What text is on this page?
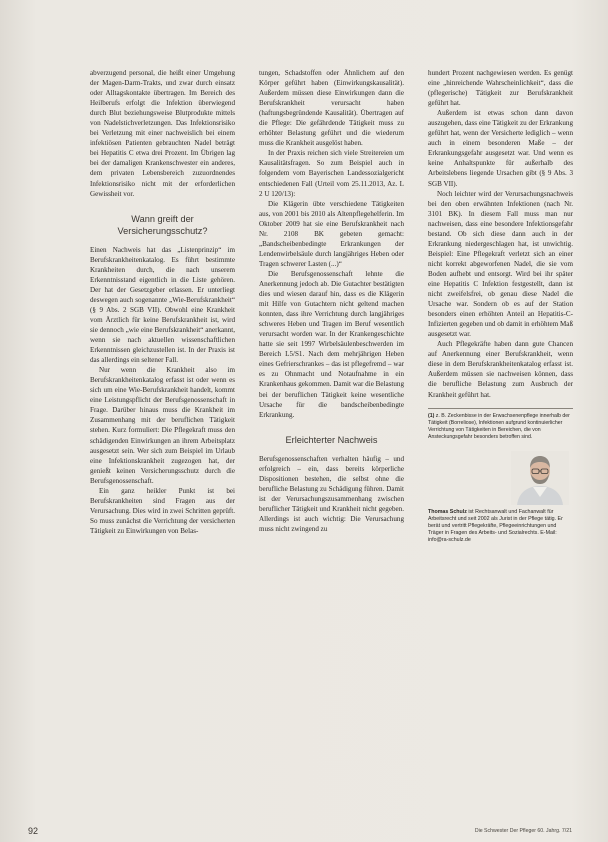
abverzugend personal, die heißt einer Umgehung der Magen-Darm-Trakts, und zwar durch einsatz oder Alltagskontakte übertragen. Im Bereich des Heilberufs erfolgt die Infektion überwiegend durch Blut beziehungsweise Blutprodukte mittels von Nadelstichverletzungen. Das Infektionsrisiko bei Verletzung mit einer nachweislich bei einem infektiösen Patienten gebrauchten Nadel beträgt bei Hepatitis C etwa drei Prozent. Im Übrigen lag bei der damaligen Krankenschwester ein anderes, dem privaten Lebensbereich zuzuordnendes Infektionsrisiko nicht mit der erforderlichen Gewissheit vor.

Wann greift der Versicherungsschutz?

Einen Nachweis hat das „Listenprinzip“ im Berufskrankheitenkatalog. Es führt bestimmte Krankheiten durch, die nach unserem Erkenntnisstand eigentlich in die Liste gehören. Der hat der Gesetzgeber erlassen. Er unterliegt deswegen auch sogenannte „Wie-Berufskrankheit“ (§ 9 Abs. 2 SGB VII). Obwohl eine Krankheit vom Ärztlich für keine Berufskrankheit ist, wird sie dennoch „wie eine Berufskrankheit“ anerkannt, wenn sie nach aktuellen wissenschaftlichen Erkenntnissen gleichzustellen ist. In der Praxis ist das allerdings ein seltener Fall.

Nur wenn die Krankheit also im Berufskrankheitenkatalog erfasst ist oder wenn es sich um eine Wie-Berufskrankheit handelt, kommt eine Leistungspflicht der Berufsgenossenschaft in Frage. Darüber hinaus muss die Krankheit im Zusammenhang mit der beruflichen Tätigkeit stehen. Kurz formuliert: Die Pflegekraft muss den schädigenden Einwirkungen an ihrem Arbeitsplatz ausgesetzt sein. Wer sich zum Beispiel im Urlaub eine Infektionskrankheit zugezogen hat, der genießt keinen Versicherungsschutz durch die Berufsgenossenschaft.

Ein ganz heikler Punkt ist bei Berufskrankheiten sind Fragen aus der Verursachung. Dies wird in zwei Schritten geprüft. So muss zunächst die Verrichtung der versicherten Tätigkeit zu Einwirkungen von Belas-

tungen, Schadstoffen oder Ähnlichem auf den Körper geführt haben (Einwirkungskausalität). Außerdem müssen diese Einwirkungen dann die Berufskrankheit verursacht haben (haftungsbegründende Kausalität). Übertragen auf die Pflege: Die gefährdende Tätigkeit muss zu erhöhter Belastung geführt und die wiederum muss die Krankheit ausgelöst haben.

In der Praxis reichen sich viele Streitereien um Kausalitätsfragen. So zum Beispiel auch in folgendem vom Bayerischen Landessozialgericht entschiedenen Fall (Urteil vom 25.11.2013, Az. L 2 U 120/13):

Die Klägerin übte verschiedene Tätigkeiten aus, von 2001 bis 2010 als Altenpflegehelferin. Im Oktober 2009 hat sie eine Berufskrankheit nach Nr. 2108 BK gebeten gemacht: „Bandscheibenbedingte Erkrankungen der Lendenwirbelsäule durch langjähriges Heben oder Tragen schwerer Lasten (...)“

Die Berufsgenossenschaft lehnte die Anerkennung jedoch ab. Die Gutachter bestätigten dies und wiesen darauf hin, dass es die Klägerin mit Hilfe von Gutachtern nicht geltend machen konnten, dass ihre Verrichtung durch langjähriges schweres Heben und Tragen im Beruf wesentlich verursacht worden war. In der Krankengeschichte hatte sie seit 1997 Wirbelsäulenbeschwerden im Bereich L5/S1. Nach dem mehrjährigen Heben eines Gefrierschrankes – das ist pflegefremd – war es zu Ohnmacht und Notaufnahme in ein Krankenhaus gekommen. Damit war die Belastung bei der beruflichen Tätigkeit keine wesentliche Ursache für die bandscheibenbedingte Erkrankung.

Erleichterter Nachweis

Berufsgenossenschaften verhalten häufig – und erfolgreich – ein, dass bereits körperliche Dispositionen bestehen, die selbst ohne die berufliche Belastung zu Schädigung führen. Damit ist der Verursachungszusammenhang zwischen beruflicher Tätigkeit und Krankheit nicht gegeben. Allerdings ist auch wichtig: Die Verursachung muss nicht zwingend zu

hundert Prozent nachgewiesen werden. Es genügt eine „hinreichende Wahrscheinlichkeit“, dass die (pflegerische) Tätigkeit zur Berufskrankheit geführt hat.

Außerdem ist etwas schon dann davon auszugehen, dass eine Tätigkeit zu der Erkrankung geführt hat, wenn der Versicherte lediglich – wenn auch in einem besonderen Maße – der Erkrankungsgefahr ausgesetzt war. Und wenn es keine Anhaltspunkte für außerhalb des Arbeitslebens liegende Ursachen gibt (§ 9 Abs. 3 SGB VII).

Noch leichter wird der Verursachungsnachweis bei den oben erwähnten Infektionen (nach Nr. 3101 BK). In diesem Fall muss man nur nachweisen, dass eine besondere Infektionsgefahr bestand. Ob sich diese dann auch in der Erkrankung niedergeschlagen hat, ist unwichtig. Beispiel: Eine Pflegekraft verletzt sich an einer nicht korrekt abgeworfenen Nadel, die sie vom Boden aufhebt und entsorgt. Wird bei ihr später eine Hepatitis C Infektion festgestellt, dann ist nicht zweifelsfrei, ob genau diese Nadel die Ursache war. Sondern ob es auf der Station besonders einen erhöhten Anteil an Hepatitis-C-Infizierten gegeben und ob damit in erhöhtem Maß ausgesetzt war.

Auch Pflegekräfte haben dann gute Chancen auf Anerkennung einer Berufskrankheit, wenn diese in dem Berufskrankheitenkatalog erfasst ist. Außerdem müssen sie nachweisen können, dass die berufliche Belastung zum Ausbruch der Krankheit geführt hat.

(1) z. B. Zeckenbisse in der Erwachsenenpflege innerhalb der Tätigkeit (Borreliose), Infektionen aufgrund kontinuierlicher Verrichtung von Tätigkeiten in Bereichen, die von Ansteckungsgefahr besonders betroffen sind.
Thomas Schulz ist Rechtsanwalt und Fachanwalt für Arbeitsrecht und seit 2002 als Jurist in der Pflege tätig. Er berät und vertritt Pflegekräfte, Pflegeeinrichtungen und Träger in Fragen des Arbeits- und Sozialrechts. E-Mail: info@ra-schulz.de
92	Die Schwester Der Pfleger 60. Jahrg. 7/21
